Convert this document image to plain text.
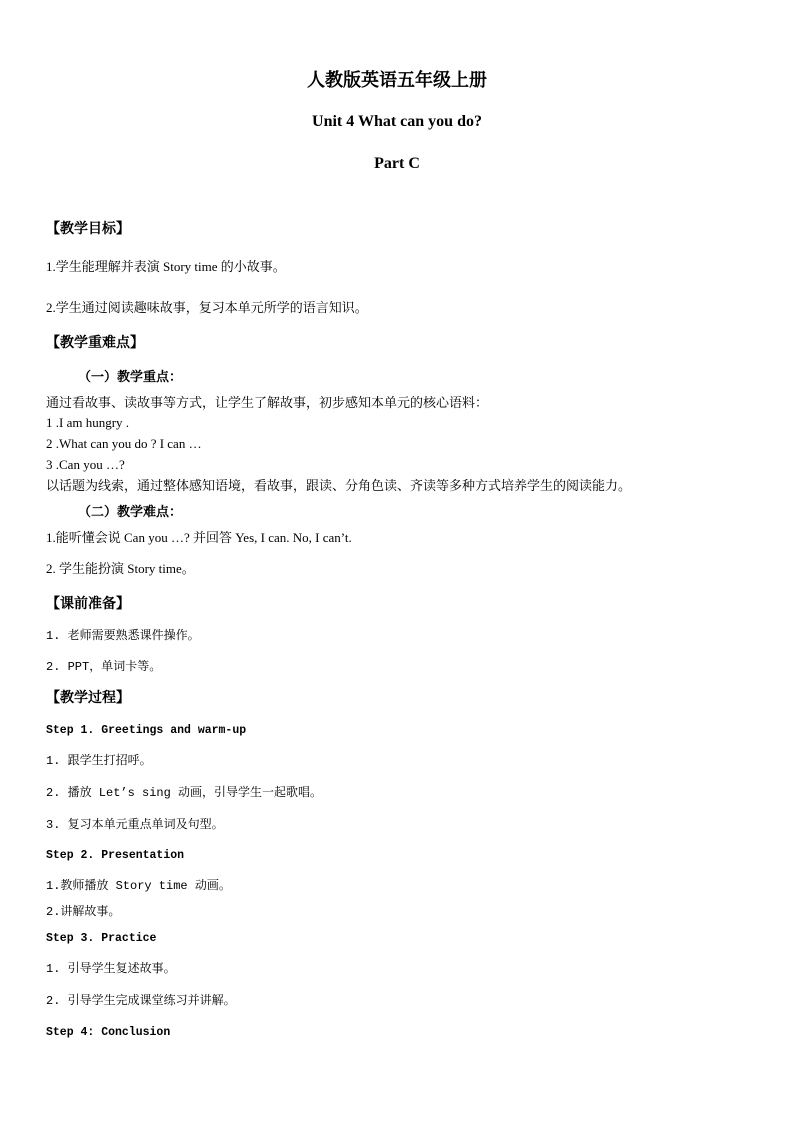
人教版英语五年级上册
Unit 4 What can you do?
Part C
【教学目标】
1.学生能理解并表演 Story time 的小故事。
2.学生通过阅读趣味故事，复习本单元所学的语言知识。
【教学重难点】
（一）教学重点：
通过看故事、读故事等方式，让学生了解故事，初步感知本单元的核心语料：
1 .I am hungry .
2 .What can you do ? I can …
3 .Can you …?
以话题为线索，通过整体感知语境，看故事，跟读、分角色读、齐读等多种方式培养学生的阅读能力。
（二）教学难点：
1.能听懂会说 Can you …? 并回答 Yes, I can. No, I can’t.
2. 学生能扮演 Story time。
【课前准备】
1. 老师需要熟悉课件操作。
2. PPT，单词卡等。
【教学过程】
Step 1. Greetings and warm-up
1. 跟学生打招呼。
2. 播放 Let’s sing 动画，引导学生一起歌唱。
3. 复习本单元重点单词及句型。
Step 2. Presentation
1.教师播放 Story time 动画。
2.讲解故事。
Step 3. Practice
1. 引导学生复述故事。
2. 引导学生完成课堂练习并讲解。
Step 4: Conclusion
